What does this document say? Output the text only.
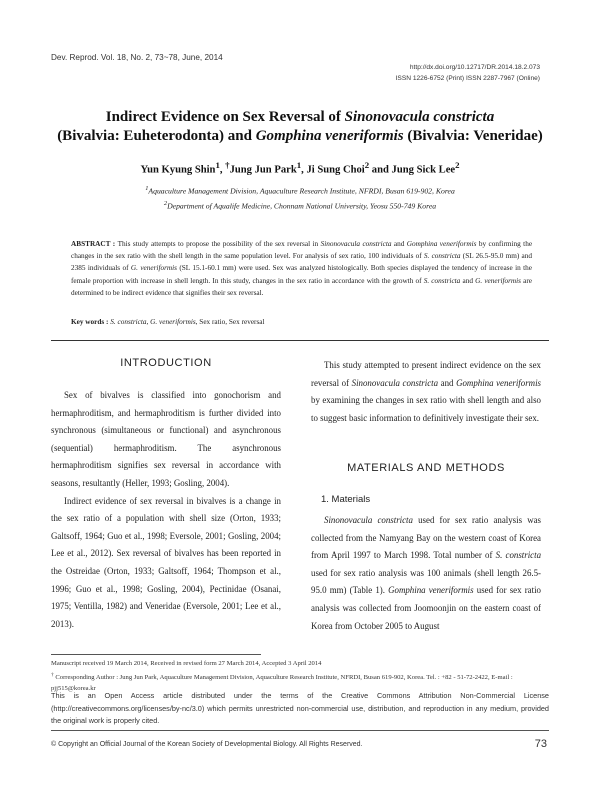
Dev. Reprod. Vol. 18, No. 2, 73~78, June, 2014
http://dx.doi.org/10.12717/DR.2014.18.2.073
ISSN 1226-6752 (Print) ISSN 2287-7967 (Online)
Indirect Evidence on Sex Reversal of Sinonovacula constricta
(Bivalvia: Euheterodonta) and Gomphina veneriformis (Bivalvia: Veneridae)
Yun Kyung Shin$^1$, †Jung Jun Park$^1$, Ji Sung Choi$^2$ and Jung Sick Lee$^2$
$^1$Aquaculture Management Division, Aquaculture Research Institute, NFRDI, Busan 619-902, Korea
$^2$Department of Aqualife Medicine, Chonnam National University, Yeosu 550-749 Korea
ABSTRACT : This study attempts to propose the possibility of the sex reversal in Sinonovacula constricta and Gomphina veneriformis by confirming the changes in the sex ratio with the shell length in the same population level. For analysis of sex ratio, 100 individuals of S. constricta (SL 26.5-95.0 mm) and 2385 individuals of G. veneriformis (SL 15.1-60.1 mm) were used. Sex was analyzed histologically. Both species displayed the tendency of increase in the female proportion with increase in shell length. In this study, changes in the sex ratio in accordance with the growth of S. constricta and G. veneriformis are determined to be indirect evidence that signifies their sex reversal.
Key words : S. constricta, G. veneriformis, Sex ratio, Sex reversal
INTRODUCTION

Sex of bivalves is classified into gonochorism and hermaphroditism, and hermaphroditism is further divided into synchronous (simultaneous or functional) and asynchronous (sequential) hermaphroditism. The asynchronous hermaphroditism signifies sex reversal in accordance with seasons, resultantly (Heller, 1993; Gosling, 2004).

Indirect evidence of sex reversal in bivalves is a change in the sex ratio of a population with shell size (Orton, 1933; Galtsoff, 1964; Guo et al., 1998; Eversole, 2001; Gosling, 2004; Lee et al., 2012). Sex reversal of bivalves has been reported in the Ostreidae (Orton, 1933; Galtsoff, 1964; Thompson et al., 1996; Guo et al., 1998; Gosling, 2004), Pectinidae (Osanai, 1975; Ventilla, 1982) and Veneridae (Eversole, 2001; Lee et al., 2013).

This study attempted to present indirect evidence on the sex reversal of Sinonovacula constricta and Gomphina veneriformis by examining the changes in sex ratio with shell length and also to suggest basic information to definitively investigate their sex.

MATERIALS AND METHODS
1. Materials

Sinonovacula constricta used for sex ratio analysis was collected from the Namyang Bay on the western coast of Korea from April 1997 to March 1998. Total number of S. constricta used for sex ratio analysis was 100 animals (shell length 26.5-95.0 mm) (Table 1). Gomphina veneriformis used for sex ratio analysis was collected from Joomoonjin on the eastern coast of Korea from October 2005 to August

Manuscript received 19 March 2014, Received in revised form 27 March 2014, Accepted 3 April 2014
† Corresponding Author : Jung Jun Park, Aquaculture Management Division, Aquaculture Research Institute, NFRDI, Busan 619-902, Korea. Tel. : +82 - 51-72-2422, E-mail : pjj515@korea.kr
This is an Open Access article distributed under the terms of the Creative Commons Attribution Non-Commercial License (http://creativecommons.org/licenses/by-nc/3.0) which permits unrestricted non-commercial use, distribution, and reproduction in any medium, provided the original work is properly cited.
© Copyright an Official Journal of the Korean Society of Developmental Biology. All Rights Reserved.	73
